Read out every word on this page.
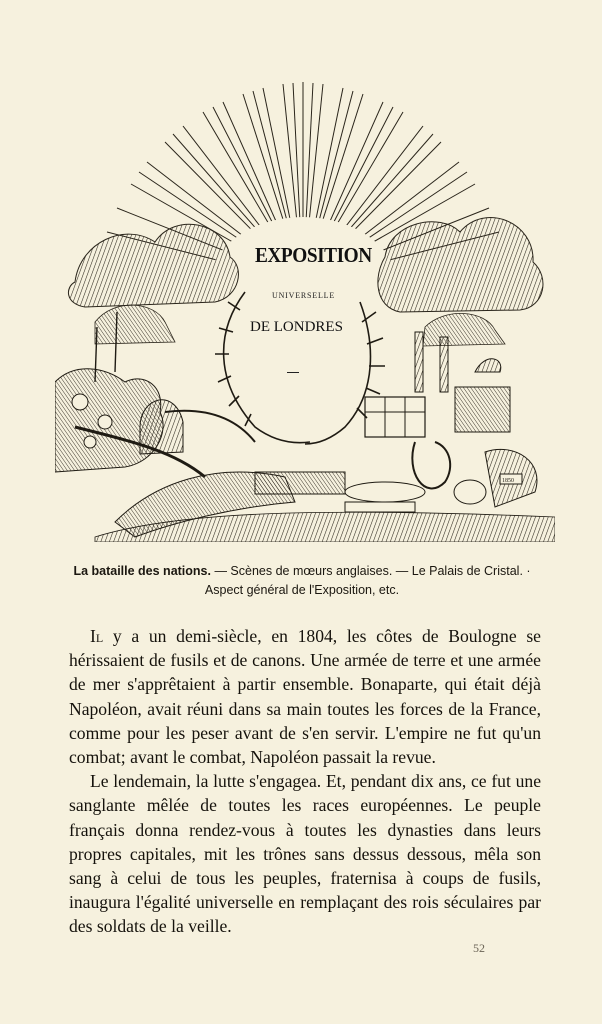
1850
EXPOSITION
UNIVERSELLE
DE LONDRES
La bataille des nations. — Scènes de mœurs anglaises. — Le Palais de Cristal. ·
Aspect général de l'Exposition, etc.

Il y a un demi-siècle, en 1804, les côtes de Boulogne se hérissaient de fusils et de canons. Une armée de terre et une armée de mer s'apprêtaient à partir ensemble. Bonaparte, qui était déjà Napoléon, avait réuni dans sa main toutes les forces de la France, comme pour les peser avant de s'en servir. L'empire ne fut qu'un combat; avant le combat, Napoléon passait la revue.

Le lendemain, la lutte s'engagea. Et, pendant dix ans, ce fut une sanglante mêlée de toutes les races européennes. Le peuple français donna rendez-vous à toutes les dynasties dans leurs propres capitales, mit les trônes sans dessus dessous, mêla son sang à celui de tous les peuples, fraternisa à coups de fusils, inaugura l'égalité universelle en remplaçant des rois séculaires par des soldats de la veille.

52
